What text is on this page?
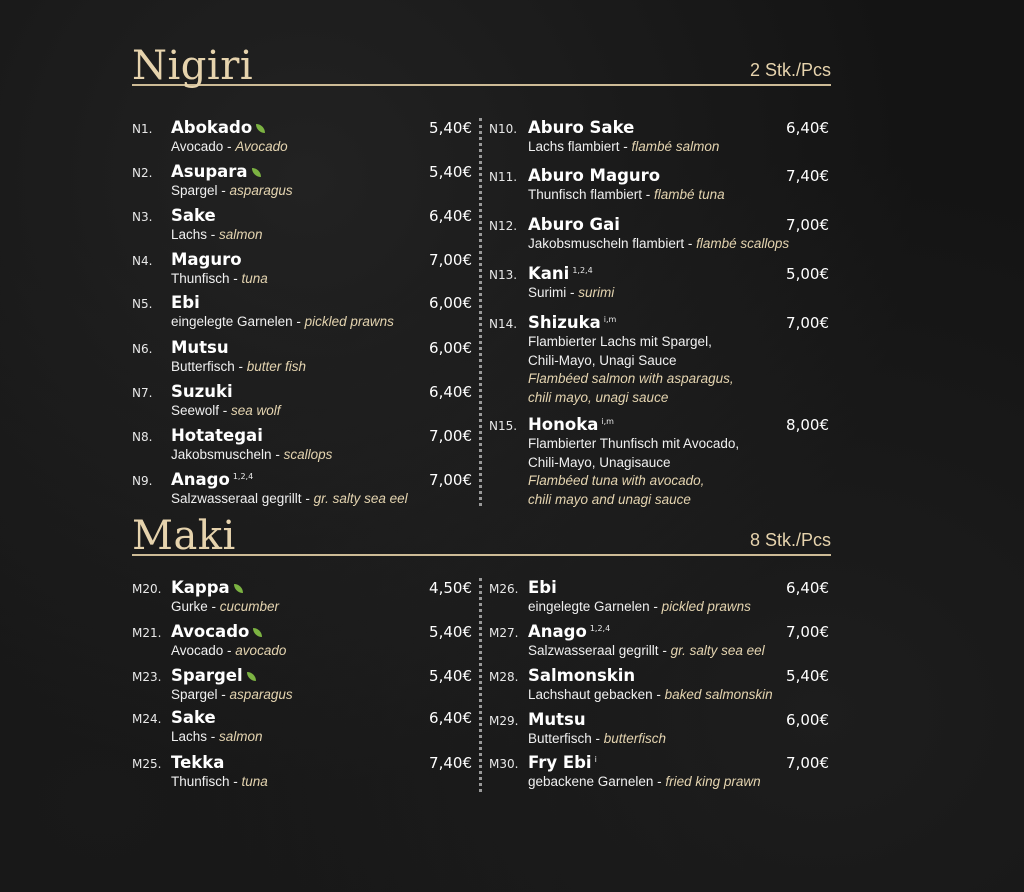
Nigiri	2 Stk./Pcs
N1. Abokado	5,40€
Avocado - Avocado
N2. Asupara	5,40€
Spargel - asparagus
N3. Sake	6,40€
Lachs - salmon
N4. Maguro	7,00€
Thunfisch - tuna
N5. Ebi	6,00€
eingelegte Garnelen - pickled prawns
N6. Mutsu	6,00€
Butterfisch - butter fish
N7. Suzuki	6,40€
Seewolf - sea wolf
N8. Hotategai	7,00€
Jakobsmuscheln - scallops
N9. Anago $^{1,2,4}$	7,00€
Salzwasseraal gegrillt - gr. salty sea eel
N10. Aburo Sake	6,40€
Lachs flambiert - flambé salmon
N11. Aburo Maguro	7,40€
Thunfisch flambiert - flambé tuna
N12. Aburo Gai	7,00€
Jakobsmuscheln flambiert - flambé scallops
N13. Kani $^{1,2,4}$	5,00€
Surimi - surimi
N14. Shizuka $^{i,m}$	7,00€
Flambierter Lachs mit Spargel,
Chili-Mayo, Unagi Sauce
Flambéed salmon with asparagus,
chili mayo, unagi sauce
N15. Honoka $^{i,m}$	8,00€
Flambierter Thunfisch mit Avocado,
Chili-Mayo, Unagisauce
Flambéed tuna with avocado,
chili mayo and unagi sauce
Maki	8 Stk./Pcs
M20. Kappa	4,50€
Gurke - cucumber
M21. Avocado	5,40€
Avocado - avocado
M23. Spargel	5,40€
Spargel - asparagus
M24. Sake	6,40€
Lachs - salmon
M25. Tekka	7,40€
Thunfisch - tuna
M26. Ebi	6,40€
eingelegte Garnelen - pickled prawns
M27. Anago $^{1,2,4}$	7,00€
Salzwasseraal gegrillt - gr. salty sea eel
M28. Salmonskin	5,40€
Lachshaut gebacken - baked salmonskin
M29. Mutsu	6,00€
Butterfisch - butterfisch
M30. Fry Ebi $^i$	7,00€
gebackene Garnelen - fried king prawn
